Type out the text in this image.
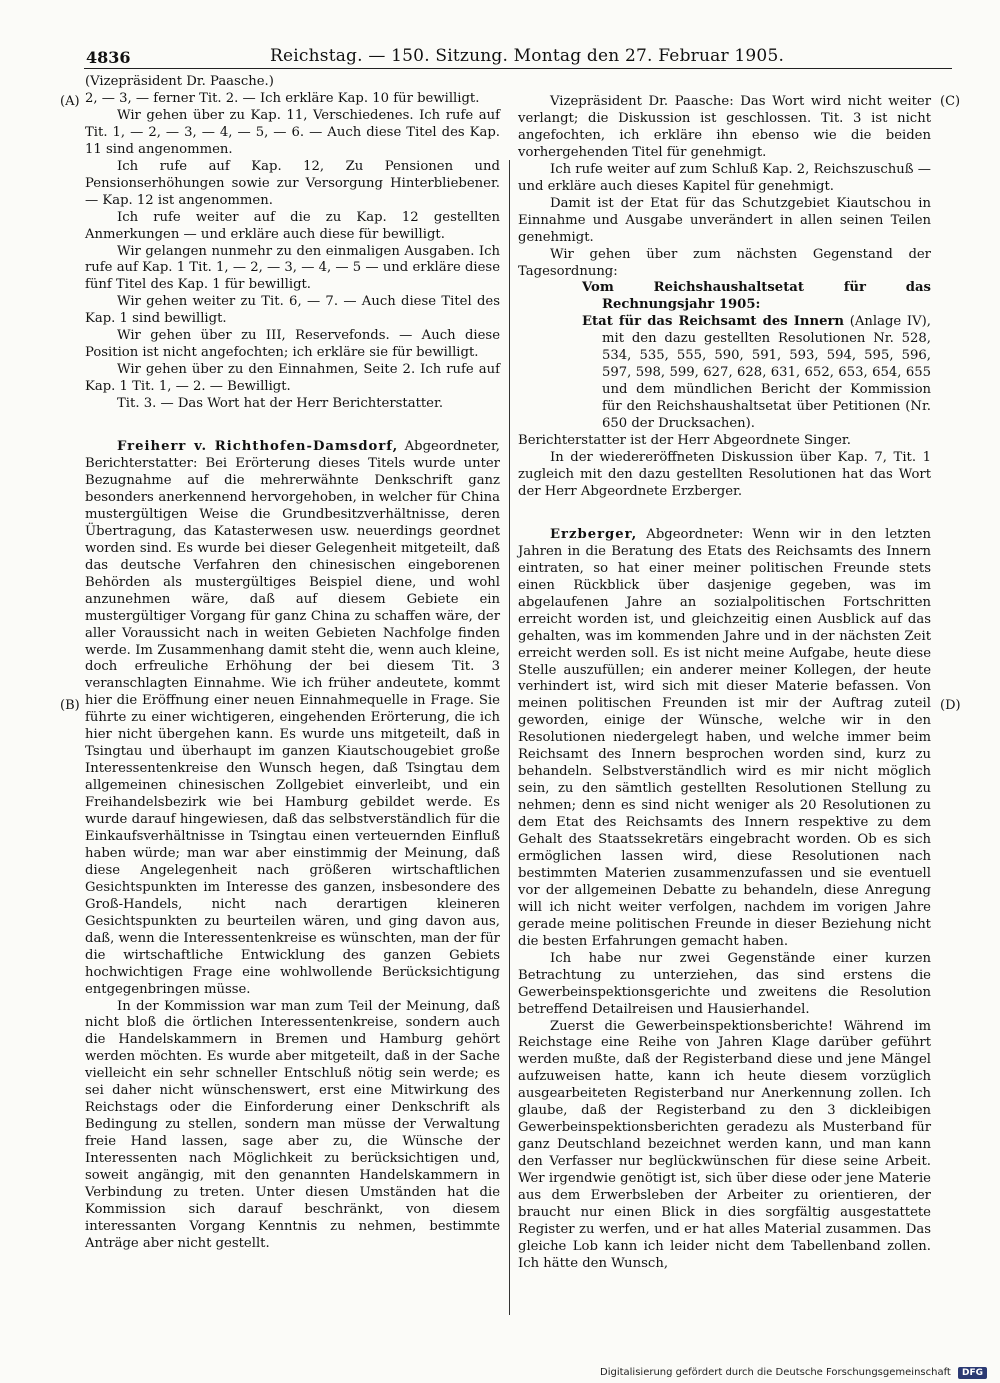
4836	Reichstag. — 150. Sitzung. Montag den 27. Februar 1905.
(A)
(B)
(C)
(D)

(Vizepräsident Dr. Paasche.)

2, — 3, — ferner Tit. 2. — Ich erkläre Kap. 10 für bewilligt.

Wir gehen über zu Kap. 11, Verschiedenes. Ich rufe auf Tit. 1, — 2, — 3, — 4, — 5, — 6. — Auch diese Titel des Kap. 11 sind angenommen.

Ich rufe auf Kap. 12, Zu Pensionen und Pensionserhöhungen sowie zur Versorgung Hinterbliebener. — Kap. 12 ist angenommen.

Ich rufe weiter auf die zu Kap. 12 gestellten Anmerkungen — und erkläre auch diese für bewilligt.

Wir gelangen nunmehr zu den einmaligen Ausgaben. Ich rufe auf Kap. 1 Tit. 1, — 2, — 3, — 4, — 5 — und erkläre diese fünf Titel des Kap. 1 für bewilligt.

Wir gehen weiter zu Tit. 6, — 7. — Auch diese Titel des Kap. 1 sind bewilligt.

Wir gehen über zu III, Reservefonds. — Auch diese Position ist nicht angefochten; ich erkläre sie für bewilligt.

Wir gehen über zu den Einnahmen, Seite 2. Ich rufe auf Kap. 1 Tit. 1, — 2. — Bewilligt.

Tit. 3. — Das Wort hat der Herr Berichterstatter.

Freiherr v. Richthofen-Damsdorf, Abgeordneter, Berichterstatter: Bei Erörterung dieses Titels wurde unter Bezugnahme auf die mehrerwähnte Denkschrift ganz besonders anerkennend hervorgehoben, in welcher für China mustergültigen Weise die Grundbesitzverhältnisse, deren Übertragung, das Katasterwesen usw. neuerdings geordnet worden sind. Es wurde bei dieser Gelegenheit mitgeteilt, daß das deutsche Verfahren den chinesischen eingeborenen Behörden als mustergültiges Beispiel diene, und wohl anzunehmen wäre, daß auf diesem Gebiete ein mustergültiger Vorgang für ganz China zu schaffen wäre, der aller Voraussicht nach in weiten Gebieten Nachfolge finden werde. Im Zusammenhang damit steht die, wenn auch kleine, doch erfreuliche Erhöhung der bei diesem Tit. 3 veranschlagten Einnahme. Wie ich früher andeutete, kommt hier die Eröffnung einer neuen Einnahmequelle in Frage. Sie führte zu einer wichtigeren, eingehenden Erörterung, die ich hier nicht übergehen kann. Es wurde uns mitgeteilt, daß in Tsingtau und überhaupt im ganzen Kiautschougebiet große Interessentenkreise den Wunsch hegen, daß Tsingtau dem allgemeinen chinesischen Zollgebiet einverleibt, und ein Freihandelsbezirk wie bei Hamburg gebildet werde. Es wurde darauf hingewiesen, daß das selbstverständlich für die Einkaufsverhältnisse in Tsingtau einen verteuernden Einfluß haben würde; man war aber einstimmig der Meinung, daß diese Angelegenheit nach größeren wirtschaftlichen Gesichtspunkten im Interesse des ganzen, insbesondere des Groß-Handels, nicht nach derartigen kleineren Gesichtspunkten zu beurteilen wären, und ging davon aus, daß, wenn die Interessentenkreise es wünschten, man der für die wirtschaftliche Entwicklung des ganzen Gebiets hochwichtigen Frage eine wohlwollende Berücksichtigung entgegenbringen müsse.

In der Kommission war man zum Teil der Meinung, daß nicht bloß die örtlichen Interessentenkreise, sondern auch die Handelskammern in Bremen und Hamburg gehört werden möchten. Es wurde aber mitgeteilt, daß in der Sache vielleicht ein sehr schneller Entschluß nötig sein werde; es sei daher nicht wünschenswert, erst eine Mitwirkung des Reichstags oder die Einforderung einer Denkschrift als Bedingung zu stellen, sondern man müsse der Verwaltung freie Hand lassen, sage aber zu, die Wünsche der Interessenten nach Möglichkeit zu berücksichtigen und, soweit angängig, mit den genannten Handelskammern in Verbindung zu treten. Unter diesen Umständen hat die Kommission sich darauf beschränkt, von diesem interessanten Vorgang Kenntnis zu nehmen, bestimmte Anträge aber nicht gestellt.

Vizepräsident Dr. Paasche: Das Wort wird nicht weiter verlangt; die Diskussion ist geschlossen. Tit. 3 ist nicht angefochten, ich erkläre ihn ebenso wie die beiden vorhergehenden Titel für genehmigt.

Ich rufe weiter auf zum Schluß Kap. 2, Reichszuschuß — und erkläre auch dieses Kapitel für genehmigt.

Damit ist der Etat für das Schutzgebiet Kiautschou in Einnahme und Ausgabe unverändert in allen seinen Teilen genehmigt.

Wir gehen über zum nächsten Gegenstand der Tagesordnung:

Vom Reichshaushaltsetat für das Rechnungsjahr 1905:

Etat für das Reichsamt des Innern (Anlage IV), mit den dazu gestellten Resolutionen Nr. 528, 534, 535, 555, 590, 591, 593, 594, 595, 596, 597, 598, 599, 627, 628, 631, 652, 653, 654, 655 und dem mündlichen Bericht der Kommission für den Reichshaushaltsetat über Petitionen (Nr. 650 der Drucksachen).

Berichterstatter ist der Herr Abgeordnete Singer.

In der wiedereröffneten Diskussion über Kap. 7, Tit. 1 zugleich mit den dazu gestellten Resolutionen hat das Wort der Herr Abgeordnete Erzberger.

Erzberger, Abgeordneter: Wenn wir in den letzten Jahren in die Beratung des Etats des Reichsamts des Innern eintraten, so hat einer meiner politischen Freunde stets einen Rückblick über dasjenige gegeben, was im abgelaufenen Jahre an sozialpolitischen Fortschritten erreicht worden ist, und gleichzeitig einen Ausblick auf das gehalten, was im kommenden Jahre und in der nächsten Zeit erreicht werden soll. Es ist nicht meine Aufgabe, heute diese Stelle auszufüllen; ein anderer meiner Kollegen, der heute verhindert ist, wird sich mit dieser Materie befassen. Von meinen politischen Freunden ist mir der Auftrag zuteil geworden, einige der Wünsche, welche wir in den Resolutionen niedergelegt haben, und welche immer beim Reichsamt des Innern besprochen worden sind, kurz zu behandeln. Selbstverständlich wird es mir nicht möglich sein, zu den sämtlich gestellten Resolutionen Stellung zu nehmen; denn es sind nicht weniger als 20 Resolutionen zu dem Etat des Reichsamts des Innern respektive zu dem Gehalt des Staatssekretärs eingebracht worden. Ob es sich ermöglichen lassen wird, diese Resolutionen nach bestimmten Materien zusammenzufassen und sie eventuell vor der allgemeinen Debatte zu behandeln, diese Anregung will ich nicht weiter verfolgen, nachdem im vorigen Jahre gerade meine politischen Freunde in dieser Beziehung nicht die besten Erfahrungen gemacht haben.

Ich habe nur zwei Gegenstände einer kurzen Betrachtung zu unterziehen, das sind erstens die Gewerbeinspektionsgerichte und zweitens die Resolution betreffend Detailreisen und Hausierhandel.

Zuerst die Gewerbeinspektionsberichte! Während im Reichstage eine Reihe von Jahren Klage darüber geführt werden mußte, daß der Registerband diese und jene Mängel aufzuweisen hatte, kann ich heute diesem vorzüglich ausgearbeiteten Registerband nur Anerkennung zollen. Ich glaube, daß der Registerband zu den 3 dickleibigen Gewerbeinspektionsberichten geradezu als Musterband für ganz Deutschland bezeichnet werden kann, und man kann den Verfasser nur beglückwünschen für diese seine Arbeit. Wer irgendwie genötigt ist, sich über diese oder jene Materie aus dem Erwerbsleben der Arbeiter zu orientieren, der braucht nur einen Blick in dies sorgfältig ausgestattete Register zu werfen, und er hat alles Material zusammen. Das gleiche Lob kann ich leider nicht dem Tabellenband zollen. Ich hätte den Wunsch,

Digitalisierung gefördert durch die Deutsche Forschungsgemeinschaft DFG
